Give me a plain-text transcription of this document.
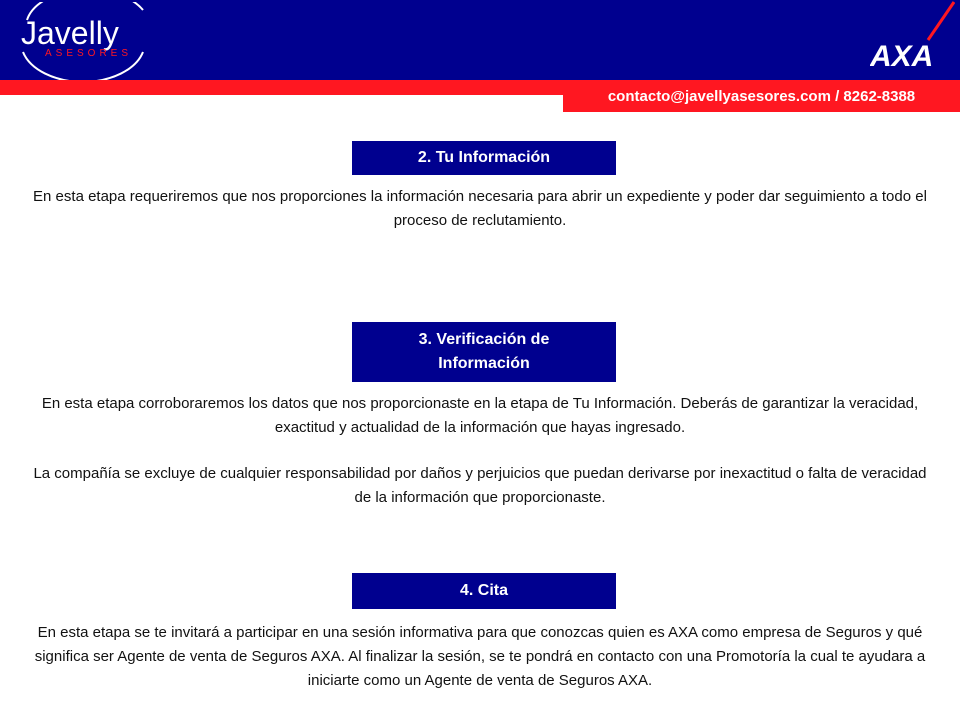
Javelly
ASESORES	AXA
contacto@javellyasesores.com / 8262-8388
2. Tu Información

En esta etapa requeriremos que nos proporciones la información necesaria para abrir un expediente y poder dar seguimiento a todo el proceso de reclutamiento.

3. Verificación de Información

En esta etapa corroboraremos los datos que nos proporcionaste en la etapa de Tu Información. Deberás de garantizar la veracidad, exactitud y actualidad de la información que hayas ingresado.

La compañía se excluye de cualquier responsabilidad por daños y perjuicios que puedan derivarse por inexactitud o falta de veracidad de la información que proporcionaste.

4. Cita

En esta etapa se te invitará a participar en una sesión informativa para que conozcas quien es AXA como empresa de Seguros y qué significa ser Agente de venta de Seguros AXA. Al finalizar la sesión, se te pondrá en contacto con una Promotoría la cual te ayudara a iniciarte como un Agente de venta de Seguros AXA.
